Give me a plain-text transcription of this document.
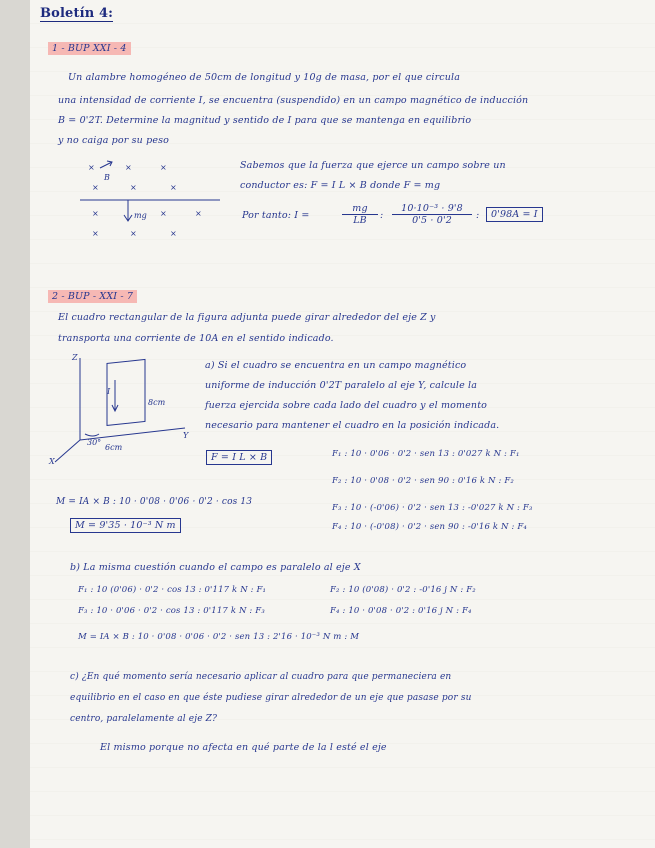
Boletín 4:
1 - BUP XXI - 4
Un alambre homogéneo de 50cm de longitud y 10g de masa, por el que circula
una intensidad de corriente I, se encuentra (suspendido) en un campo magnético de inducción
B = 0'2T. Determine la magnitud y sentido de I para que se mantenga en equilibrio
y no caiga por su peso
×	×	×
×	×	×
×	×	×
×	×	×
B
mg
Sabemos que la fuerza que ejerce un campo sobre un
conductor es: F = I L × B donde F = mg
Por tanto: I =	$\frac{mg}{LB}$ : $\frac{\text{10·10⁻³ · 9'8}}{0'5 \cdot 0'2}$ :	0'98A = I
2 - BUP - XXI - 7
El cuadro rectangular de la figura adjunta puede girar alrededor del eje Z y
transporta una corriente de 10A en el sentido indicado.
Z
Y
X
8cm
6cm
30°
I
a) Si el cuadro se encuentra en un campo magnético
uniforme de inducción 0'2T paralelo al eje Y, calcule la
fuerza ejercida sobre cada lado del cuadro y el momento
necesario para mantener el cuadro en la posición indicada.
F = I L × B	F₁ : 10 · 0'06 · 0'2 · sen 13 : 0'027 k N : F₁
F₂ : 10 · 0'08 · 0'2 · sen 90 : 0'16 k N : F₂
F₃ : 10 · (-0'06) · 0'2 · sen 13 : -0'027 k N : F₃
F₄ : 10 · (-0'08) · 0'2 · sen 90 : -0'16 k N : F₄
M = IA × B : 10 · 0'08 · 0'06 · 0'2 · cos 13
M = 9'35 · 10⁻³ N m
b) La misma cuestión cuando el campo es paralelo al eje X
F₁ : 10 (0'06) · 0'2 · cos 13 : 0'117 k N : F₁	F₂ : 10 (0'08) · 0'2 : -0'16 j N : F₂
F₃ : 10 · 0'06 · 0'2 · cos 13 : 0'117 k N : F₃	F₄ : 10 · 0'08 · 0'2 : 0'16 j N : F₄
M = IA × B : 10 · 0'08 · 0'06 · 0'2 · sen 13 : 2'16 · 10⁻³ N m : M
c) ¿En qué momento sería necesario aplicar al cuadro para que permaneciera en
equilibrio en el caso en que éste pudiese girar alrededor de un eje que pasase por su
centro, paralelamente al eje Z?
El mismo porque no afecta en qué parte de la l esté el eje
